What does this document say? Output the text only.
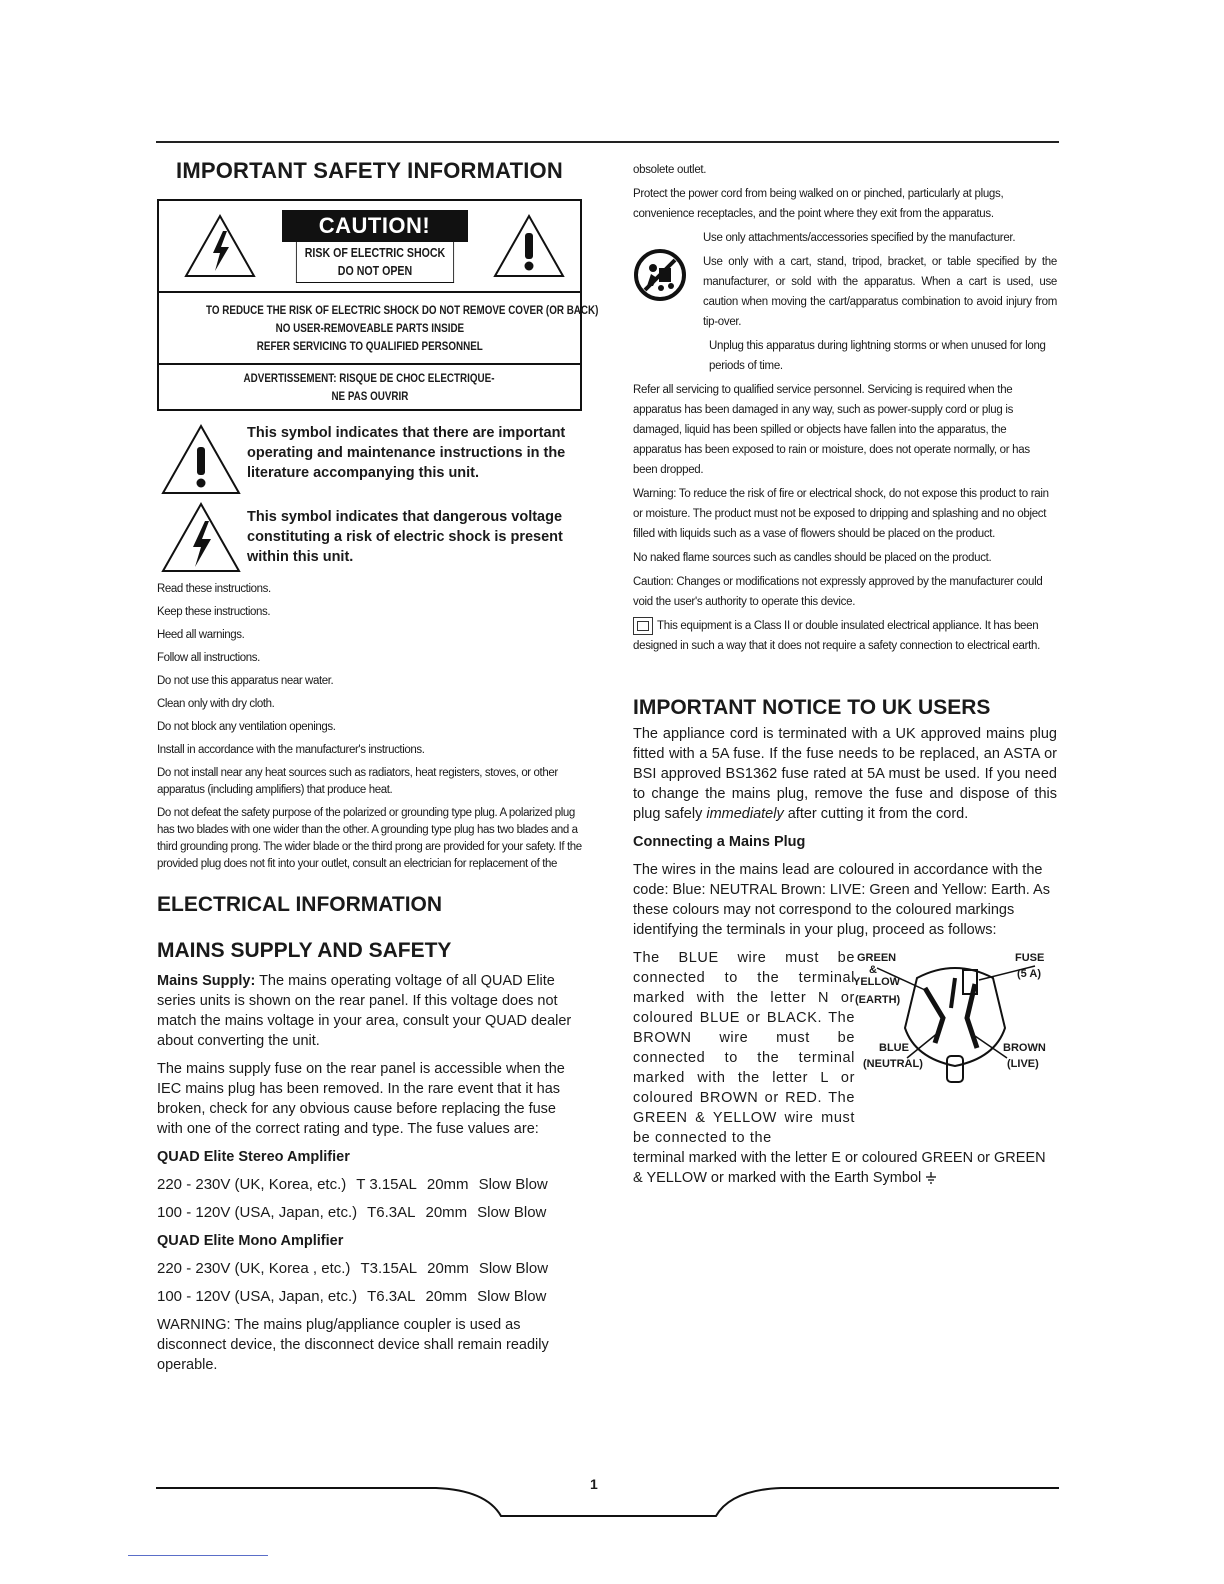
IMPORTANT SAFETY INFORMATION
CAUTION!
RISK OF ELECTRIC SHOCK
DO NOT OPEN
TO REDUCE THE RISK OF ELECTRIC SHOCK DO NOT REMOVE COVER (OR BACK)
NO USER-REMOVEABLE PARTS INSIDE
REFER SERVICING TO QUALIFIED PERSONNEL
ADVERTISSEMENT: RISQUE DE CHOC ELECTRIQUE-
NE PAS OUVRIR
This symbol indicates that there are important operating and maintenance instructions in the literature accompanying this unit.
This symbol indicates that dangerous voltage constituting a risk of electric shock is present within this unit.

Read these instructions.

Keep these instructions.

Heed all warnings.

Follow all instructions.

Do not use this apparatus near water.

Clean only with dry cloth.

Do not block any ventilation openings.

Install in accordance with the manufacturer's instructions.

Do not install near any heat sources such as radiators, heat registers, stoves, or other apparatus (including amplifiers) that produce heat.

Do not defeat the safety purpose of the polarized or grounding type plug. A polarized plug has two blades with one wider than the other. A grounding type plug has two blades and a third grounding prong. The wider blade or the third prong are provided for your safety. If the provided plug does not fit into your outlet, consult an electrician for replacement of the

ELECTRICAL INFORMATION
MAINS SUPPLY AND SAFETY

Mains Supply: The mains operating voltage of all QUAD Elite series units is shown on the rear panel. If this voltage does not match the mains voltage in your area, consult your QUAD dealer about converting the unit.

The mains supply fuse on the rear panel is accessible when the IEC mains plug has been removed. In the rare event that it has broken, check for any obvious cause before replacing the fuse with one of the correct rating and type. The fuse values are:

QUAD Elite Stereo Amplifier

220 - 230V (UK, Korea, etc.) T 3.15AL 20mm Slow Blow
100 - 120V (USA, Japan, etc.) T6.3AL 20mm Slow Blow

QUAD Elite Mono Amplifier

220 - 230V (UK, Korea , etc.) T3.15AL 20mm Slow Blow
100 - 120V (USA, Japan, etc.) T6.3AL 20mm Slow Blow

WARNING: The mains plug/appliance coupler is used as disconnect device, the disconnect device shall remain readily operable.

obsolete outlet.

Protect the power cord from being walked on or pinched, particularly at plugs, convenience receptacles, and the point where they exit from the apparatus.

Use only attachments/accessories specified by the manufacturer.

Use only with a cart, stand, tripod, bracket, or table specified by the manufacturer, or sold with the apparatus. When a cart is used, use caution when moving the cart/apparatus combination to avoid injury from tip-over.

Unplug this apparatus during lightning storms or when unused for long periods of time.

Refer all servicing to qualified service personnel. Servicing is required when the apparatus has been damaged in any way, such as power-supply cord or plug is damaged, liquid has been spilled or objects have fallen into the apparatus, the apparatus has been exposed to rain or moisture, does not operate normally, or has been dropped.

Warning: To reduce the risk of fire or electrical shock, do not expose this product to rain or moisture. The product must not be exposed to dripping and splashing and no object filled with liquids such as a vase of flowers should be placed on the product.

No naked flame sources such as candles should be placed on the product.

Caution: Changes or modifications not expressly approved by the manufacturer could void the user's authority to operate this device.

This equipment is a Class II or double insulated electrical appliance. It has been designed in such a way that it does not require a safety connection to electrical earth.

IMPORTANT NOTICE TO UK USERS

The appliance cord is terminated with a UK approved mains plug fitted with a 5A fuse. If the fuse needs to be replaced, an ASTA or BSI approved BS1362 fuse rated at 5A must be used. If you need to change the mains plug, remove the fuse and dispose of this plug safely immediately after cutting it from the cord.

Connecting a Mains Plug

The wires in the mains lead are coloured in accordance with the code: Blue: NEUTRAL Brown: LIVE: Green and Yellow: Earth. As these colours may not correspond to the coloured markings identifying the terminals in your plug, proceed as follows:

The BLUE wire must be connected to the terminal marked with the letter N or coloured BLUE or BLACK. The BROWN wire must be connected to the terminal marked with the letter L or coloured BROWN or RED. The GREEN & YELLOW wire must be connected to the
GREEN
&
YELLOW
(EARTH)
FUSE
(5 A)
BLUE
(NEUTRAL)
BROWN
(LIVE)

terminal marked with the letter E or coloured GREEN or GREEN & YELLOW or marked with the Earth Symbol

1
